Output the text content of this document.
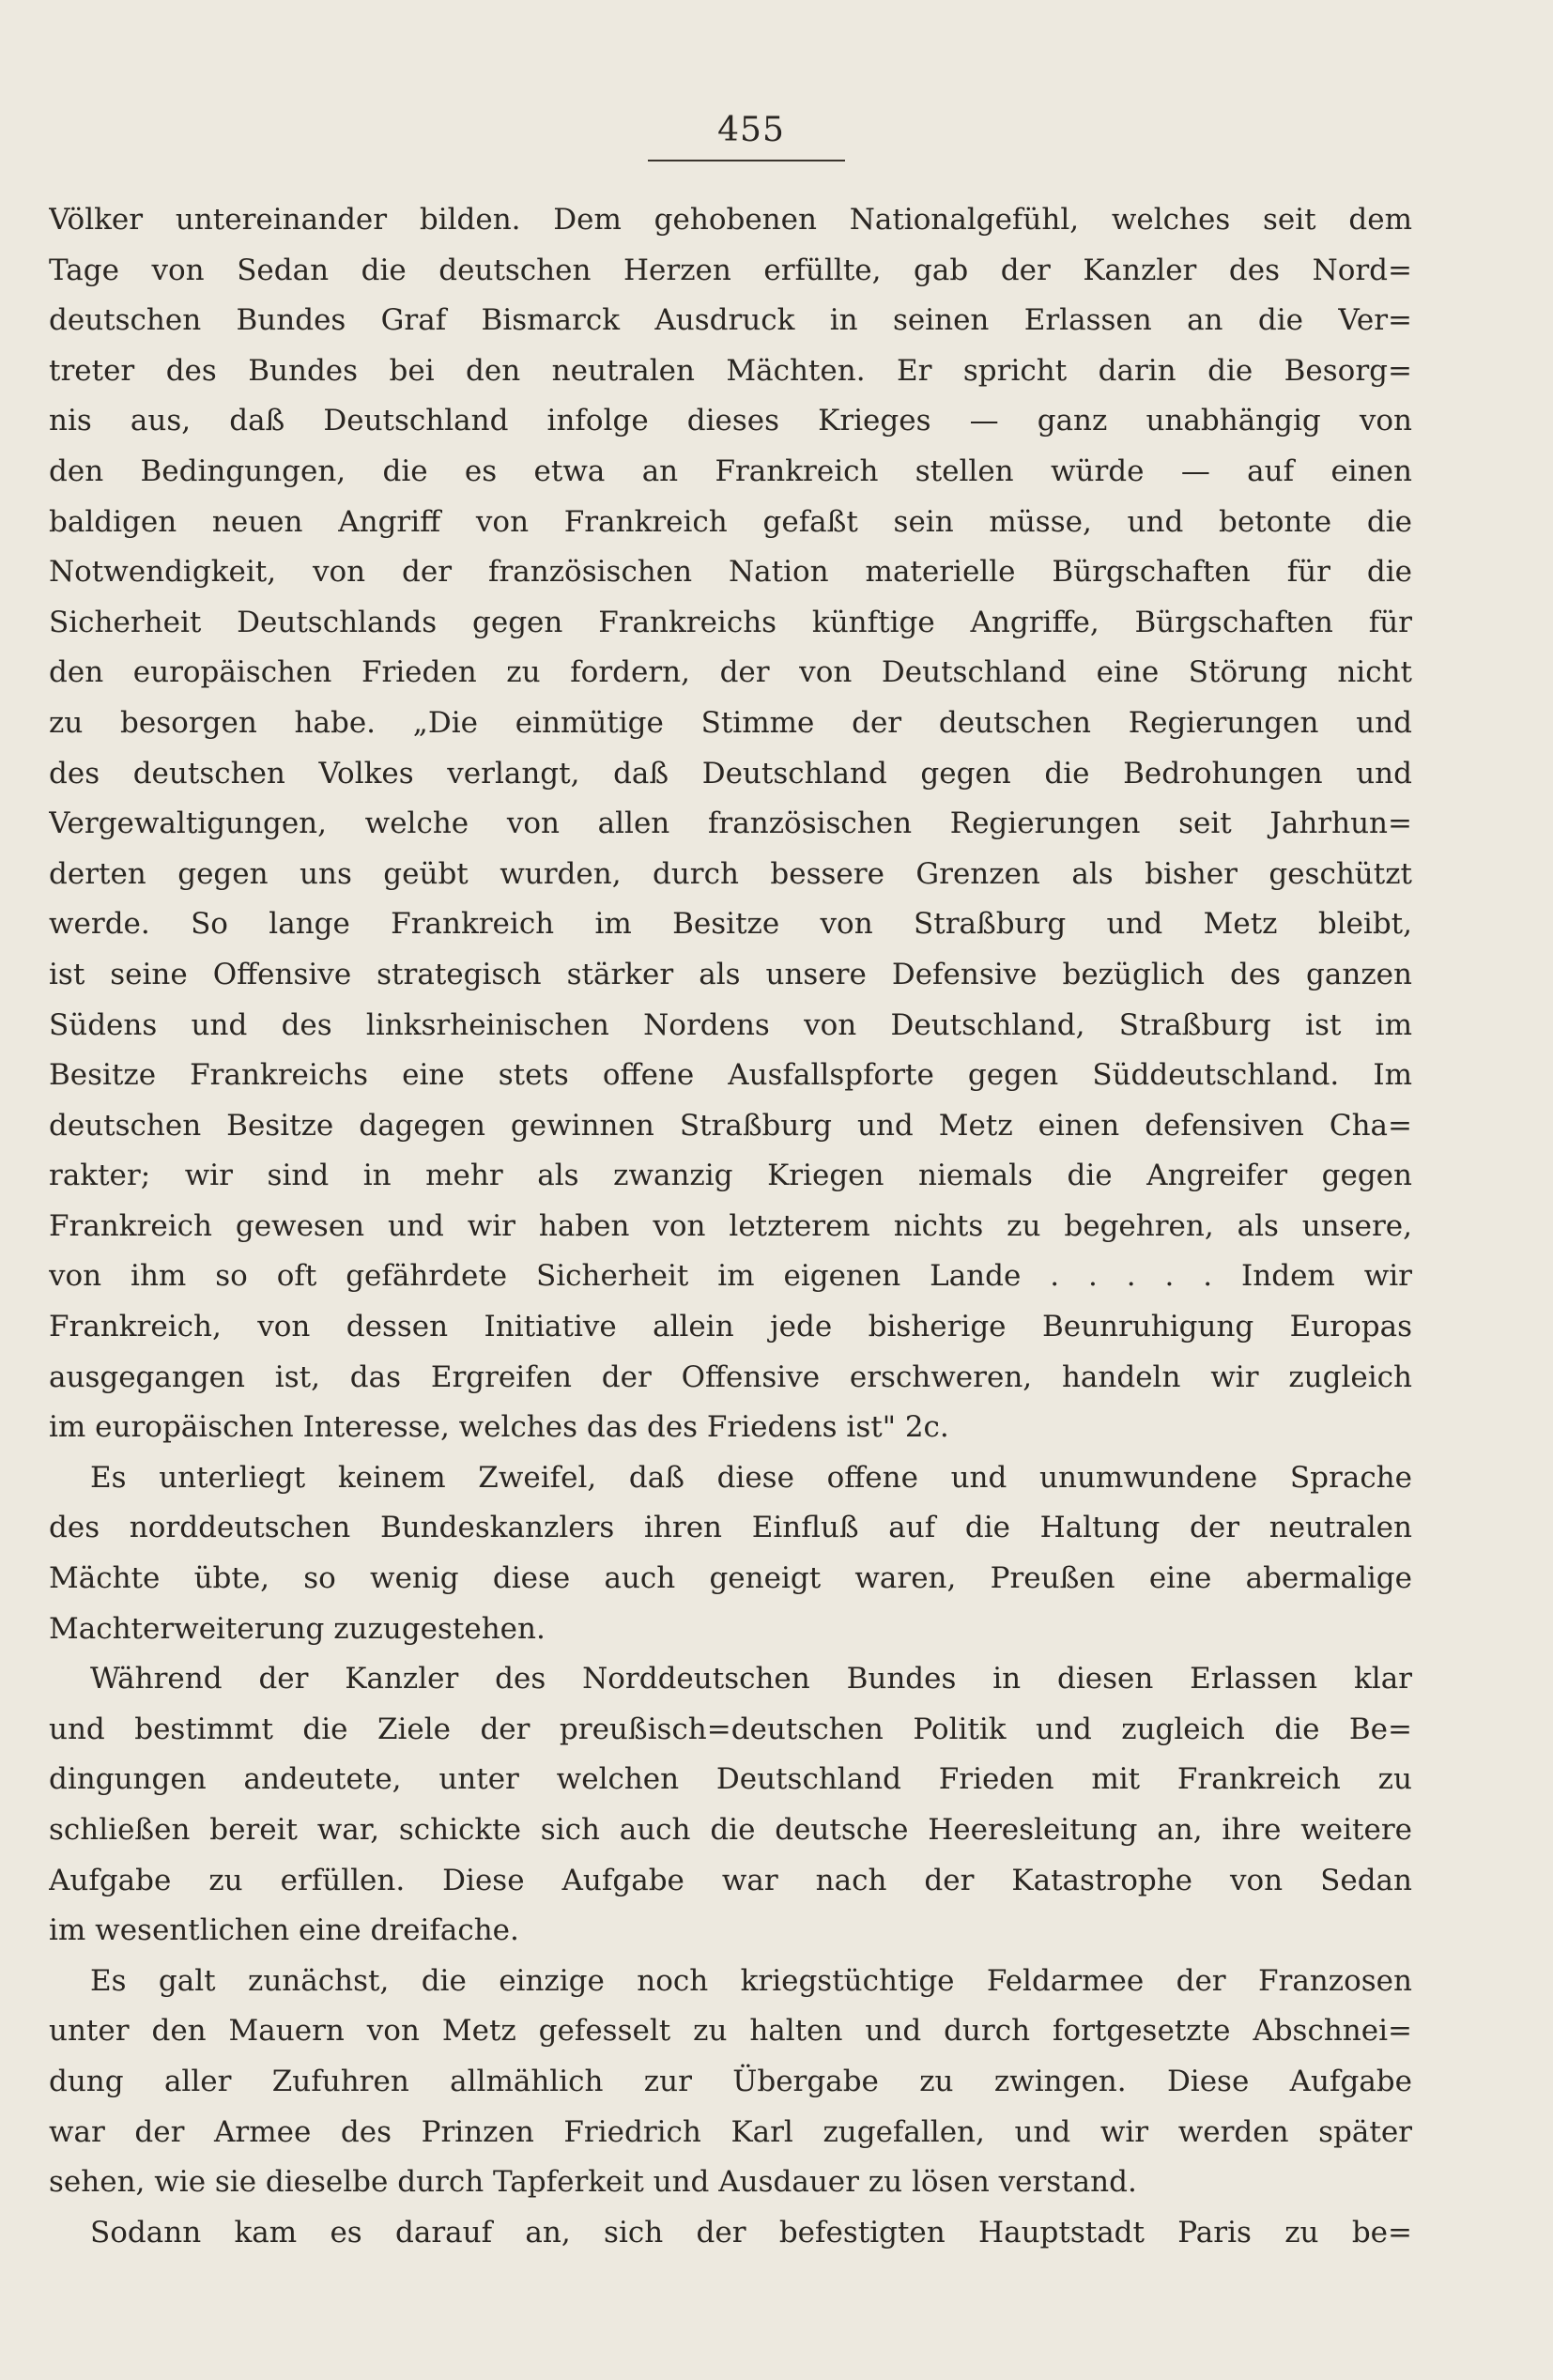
455
Völker untereinander bilden. Dem gehobenen Nationalgefühl, welches seit dem
Tage von Sedan die deutschen Herzen erfüllte, gab der Kanzler des Nord=
deutschen Bundes Graf Bismarck Ausdruck in seinen Erlassen an die Ver=
treter des Bundes bei den neutralen Mächten. Er spricht darin die Besorg=
nis aus, daß Deutschland infolge dieses Krieges — ganz unabhängig von
den Bedingungen, die es etwa an Frankreich stellen würde — auf einen
baldigen neuen Angriff von Frankreich gefaßt sein müsse, und betonte die
Notwendigkeit, von der französischen Nation materielle Bürgschaften für die
Sicherheit Deutschlands gegen Frankreichs künftige Angriffe, Bürgschaften für
den europäischen Frieden zu fordern, der von Deutschland eine Störung nicht
zu besorgen habe. „Die einmütige Stimme der deutschen Regierungen und
des deutschen Volkes verlangt, daß Deutschland gegen die Bedrohungen und
Vergewaltigungen, welche von allen französischen Regierungen seit Jahrhun=
derten gegen uns geübt wurden, durch bessere Grenzen als bisher geschützt
werde. So lange Frankreich im Besitze von Straßburg und Metz bleibt,
ist seine Offensive strategisch stärker als unsere Defensive bezüglich des ganzen
Südens und des linksrheinischen Nordens von Deutschland, Straßburg ist im
Besitze Frankreichs eine stets offene Ausfallspforte gegen Süddeutschland. Im
deutschen Besitze dagegen gewinnen Straßburg und Metz einen defensiven Cha=
rakter; wir sind in mehr als zwanzig Kriegen niemals die Angreifer gegen
Frankreich gewesen und wir haben von letzterem nichts zu begehren, als unsere,
von ihm so oft gefährdete Sicherheit im eigenen Lande . . . . . Indem wir
Frankreich, von dessen Initiative allein jede bisherige Beunruhigung Europas
ausgegangen ist, das Ergreifen der Offensive erschweren, handeln wir zugleich
im europäischen Interesse, welches das des Friedens ist" 2c.
Es unterliegt keinem Zweifel, daß diese offene und unumwundene Sprache
des norddeutschen Bundeskanzlers ihren Einfluß auf die Haltung der neutralen
Mächte übte, so wenig diese auch geneigt waren, Preußen eine abermalige
Machterweiterung zuzugestehen.
Während der Kanzler des Norddeutschen Bundes in diesen Erlassen klar
und bestimmt die Ziele der preußisch=deutschen Politik und zugleich die Be=
dingungen andeutete, unter welchen Deutschland Frieden mit Frankreich zu
schließen bereit war, schickte sich auch die deutsche Heeresleitung an, ihre weitere
Aufgabe zu erfüllen. Diese Aufgabe war nach der Katastrophe von Sedan
im wesentlichen eine dreifache.
Es galt zunächst, die einzige noch kriegstüchtige Feldarmee der Franzosen
unter den Mauern von Metz gefesselt zu halten und durch fortgesetzte Abschnei=
dung aller Zufuhren allmählich zur Übergabe zu zwingen. Diese Aufgabe
war der Armee des Prinzen Friedrich Karl zugefallen, und wir werden später
sehen, wie sie dieselbe durch Tapferkeit und Ausdauer zu lösen verstand.
Sodann kam es darauf an, sich der befestigten Hauptstadt Paris zu be=
